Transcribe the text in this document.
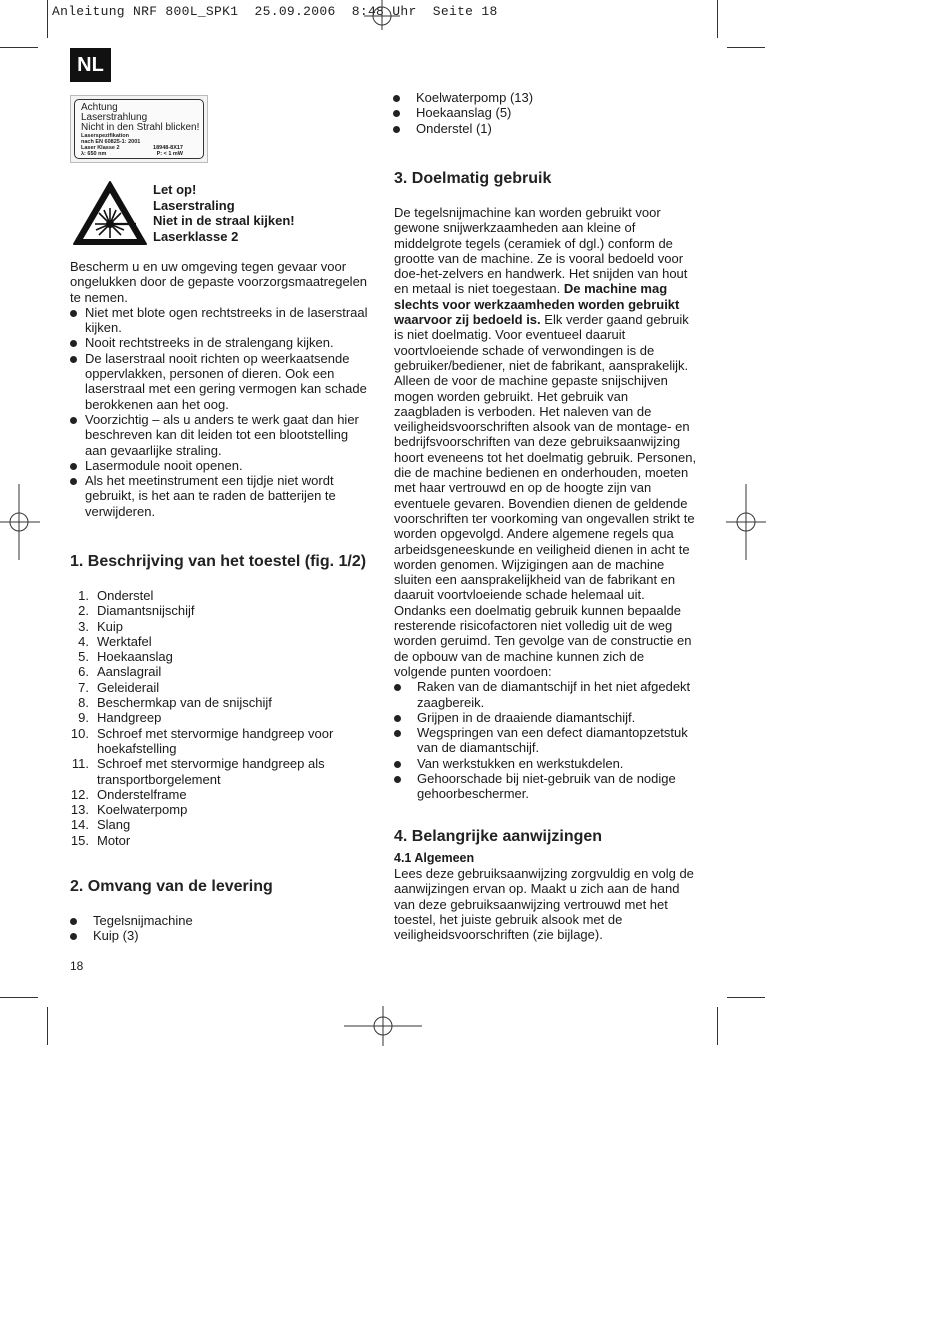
Anleitung NRF 800L_SPK1  25.09.2006  8:48 Uhr  Seite 18
NL
Achtung
Laserstrahlung
Nicht in den Strahl blicken!
Laserspezifikation
nach EN 60825-1: 2001
Laser Klasse 2	18948-8X17
λ: 650 nm	P: < 1 mW
Let op!
Laserstraling
Niet in de straal kijken!
Laserklasse 2

Bescherm u en uw omgeving tegen gevaar voor ongelukken door de gepaste voorzorgsmaatregelen te nemen.

Niet met blote ogen rechtstreeks in de laserstraal kijken.
Nooit rechtstreeks in de stralengang kijken.
De laserstraal nooit richten op weerkaatsende oppervlakken, personen of dieren. Ook een laserstraal met een gering vermogen kan schade berokkenen aan het oog.
Voorzichtig – als u anders te werk gaat dan hier beschreven kan dit leiden tot een blootstelling aan gevaarlijke straling.
Lasermodule nooit openen.
Als het meetinstrument een tijdje niet wordt gebruikt, is het aan te raden de batterijen te verwijderen.
1. Beschrijving van het toestel (fig. 1/2)
1. Onderstel
2. Diamantsnijschijf
3. Kuip
4. Werktafel
5. Hoekaanslag
6. Aanslagrail
7. Geleiderail
8. Beschermkap van de snijschijf
9. Handgreep
10. Schroef met stervormige handgreep voor hoekafstelling
11. Schroef met stervormige handgreep als transportborgelement
12. Onderstelframe
13. Koelwaterpomp
14. Slang
15. Motor
2. Omvang van de levering
Tegelsnijmachine
Kuip (3)
18
Koelwaterpomp (13)
Hoekaanslag (5)
Onderstel (1)
3. Doelmatig gebruik

De tegelsnijmachine kan worden gebruikt voor gewone snijwerkzaamheden aan kleine of middelgrote tegels (ceramiek of dgl.) conform de grootte van de machine. Ze is vooral bedoeld voor doe-het-zelvers en handwerk. Het snijden van hout en metaal is niet toegestaan. De machine mag slechts voor werkzaamheden worden gebruikt waarvoor zij bedoeld is. Elk verder gaand gebruik is niet doelmatig. Voor eventueel daaruit voortvloeiende schade of verwondingen is de gebruiker/bediener, niet de fabrikant, aansprakelijk. Alleen de voor de machine gepaste snijschijven mogen worden gebruikt. Het gebruik van zaagbladen is verboden. Het naleven van de veiligheidsvoorschriften alsook van de montage- en bedrijfsvoorschriften van deze gebruiksaanwijzing hoort eveneens tot het doelmatig gebruik. Personen, die de machine bedienen en onderhouden, moeten met haar vertrouwd en op de hoogte zijn van eventuele gevaren. Bovendien dienen de geldende voorschriften ter voorkoming van ongevallen strikt te worden opgevolgd. Andere algemene regels qua arbeidsgeneeskunde en veiligheid dienen in acht te worden genomen. Wijzigingen aan de machine sluiten een aansprakelijkheid van de fabrikant en daaruit voortvloeiende schade helemaal uit. Ondanks een doelmatig gebruik kunnen bepaalde resterende risicofactoren niet volledig uit de weg worden geruimd. Ten gevolge van de constructie en de opbouw van de machine kunnen zich de volgende punten voordoen:

Raken van de diamantschijf in het niet afgedekt zaagbereik.
Grijpen in de draaiende diamantschijf.
Wegspringen van een defect diamantopzetstuk van de diamantschijf.
Van werkstukken en werkstukdelen.
Gehoorschade bij niet-gebruik van de nodige gehoorbeschermer.
4. Belangrijke aanwijzingen
4.1 Algemeen
Lees deze gebruiksaanwijzing zorgvuldig en volg de aanwijzingen ervan op. Maakt u zich aan de hand van deze gebruiksaanwijzing vertrouwd met het toestel, het juiste gebruik alsook met de veiligheidsvoorschriften (zie bijlage).
